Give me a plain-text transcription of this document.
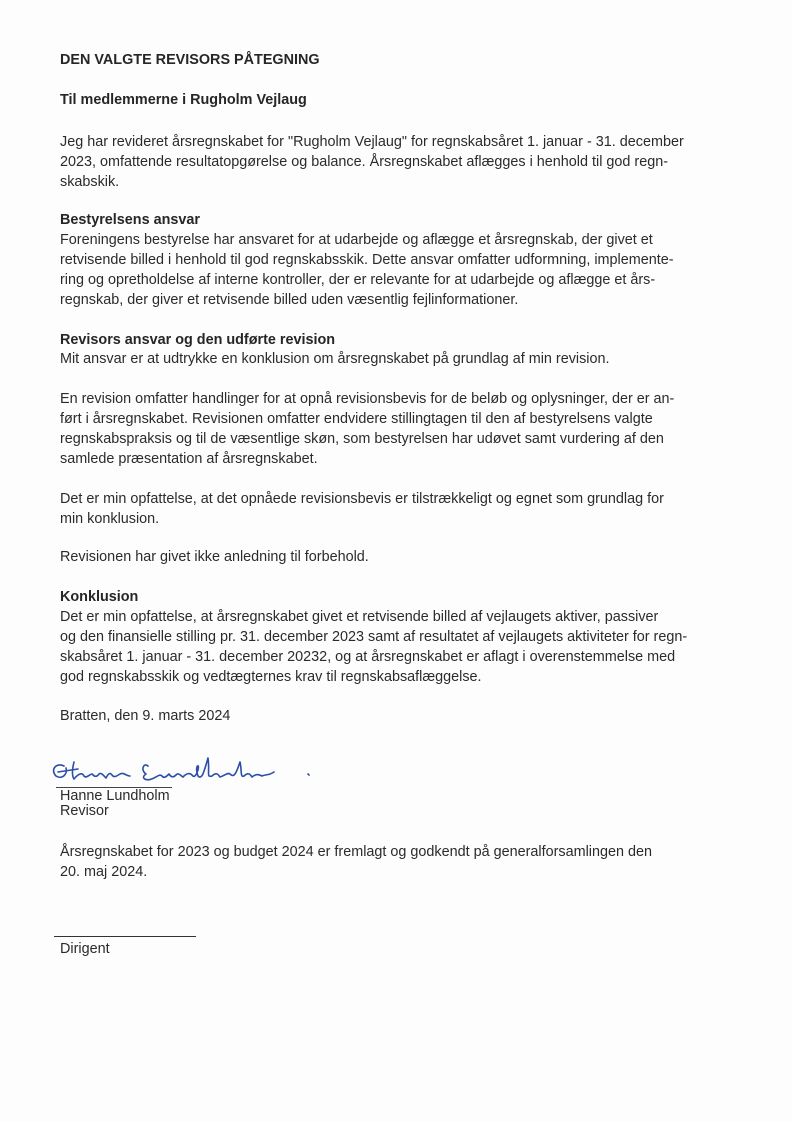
DEN VALGTE REVISORS PÅTEGNING

Til medlemmerne i Rugholm Vejlaug

Jeg har revideret årsregnskabet for "Rugholm Vejlaug" for regnskabsåret 1. januar - 31. december
2023, omfattende resultatopgørelse og balance. Årsregnskabet aflægges i henhold til god regn-
skabskik.

Bestyrelsens ansvar

Foreningens bestyrelse har ansvaret for at udarbejde og aflægge et årsregnskab, der givet et
retvisende billed i henhold til god regnskabsskik. Dette ansvar omfatter udformning, implemente-
ring og opretholdelse af interne kontroller, der er relevante for at udarbejde og aflægge et års-
regnskab, der giver et retvisende billed uden væsentlig fejlinformationer.

Revisors ansvar og den udførte revision

Mit ansvar er at udtrykke en konklusion om årsregnskabet på grundlag af min revision.

En revision omfatter handlinger for at opnå revisionsbevis for de beløb og oplysninger, der er an-
ført i årsregnskabet. Revisionen omfatter endvidere stillingtagen til den af bestyrelsens valgte
regnskabspraksis og til de væsentlige skøn, som bestyrelsen har udøvet samt vurdering af den
samlede præsentation af årsregnskabet.
Det er min opfattelse, at det opnåede revisionsbevis er tilstrækkeligt og egnet som grundlag for
min konklusion.

Revisionen har givet ikke anledning til forbehold.

Konklusion

Det er min opfattelse, at årsregnskabet givet et retvisende billed af vejlaugets aktiver, passiver
og den finansielle stilling pr. 31. december 2023 samt af resultatet af vejlaugets aktiviteter for regn-
skabsåret 1. januar - 31. december 20232, og at årsregnskabet er aflagt i overenstemmelse med
god regnskabsskik og vedtægternes krav til regnskabsaflæggelse.

Bratten, den 9. marts 2024

Hanne Lundholm

Revisor

Årsregnskabet for 2023 og budget 2024 er fremlagt og godkendt på generalforsamlingen den
20. maj 2024.

Dirigent
